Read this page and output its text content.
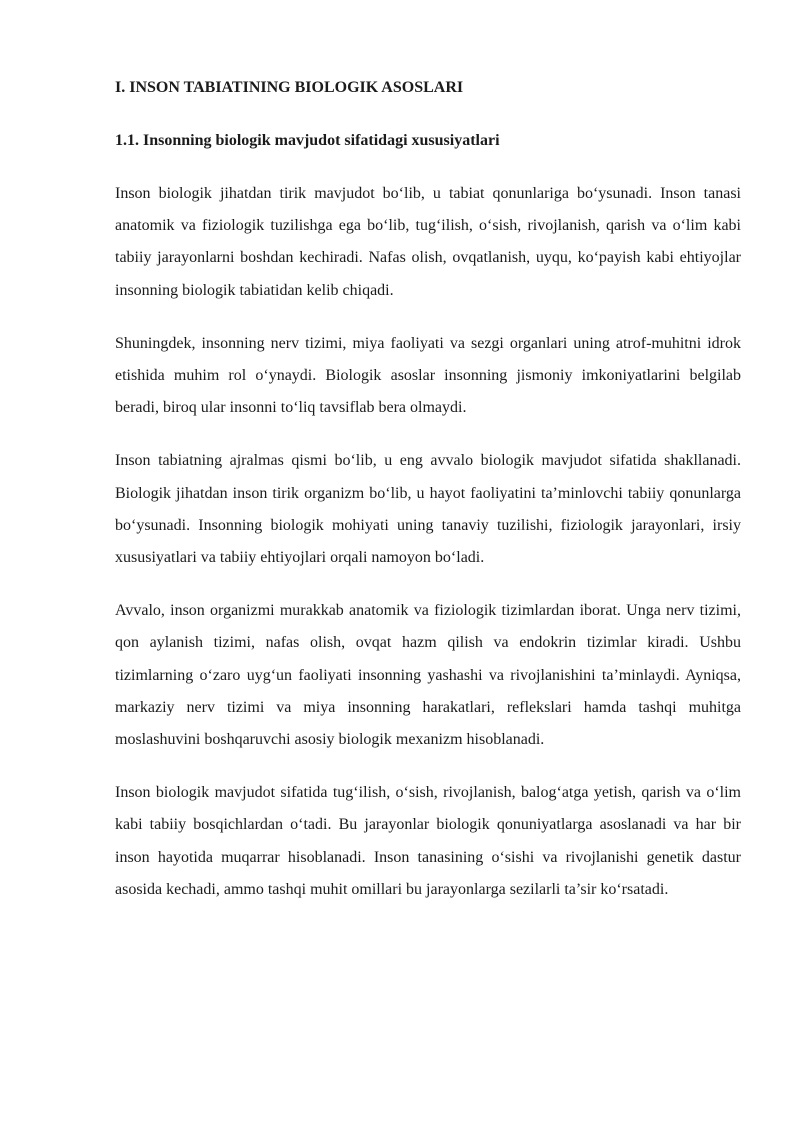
I. INSON TABIATINING BIOLOGIK ASOSLARI
1.1. Insonning biologik mavjudot sifatidagi xususiyatlari

Inson biologik jihatdan tirik mavjudot bo‘lib, u tabiat qonunlariga bo‘ysunadi. Inson tanasi anatomik va fiziologik tuzilishga ega bo‘lib, tug‘ilish, o‘sish, rivojlanish, qarish va o‘lim kabi tabiiy jarayonlarni boshdan kechiradi. Nafas olish, ovqatlanish, uyqu, ko‘payish kabi ehtiyojlar insonning biologik tabiatidan kelib chiqadi.

Shuningdek, insonning nerv tizimi, miya faoliyati va sezgi organlari uning atrof-muhitni idrok etishida muhim rol o‘ynaydi. Biologik asoslar insonning jismoniy imkoniyatlarini belgilab beradi, biroq ular insonni to‘liq tavsiflab bera olmaydi.

Inson tabiatning ajralmas qismi bo‘lib, u eng avvalo biologik mavjudot sifatida shakllanadi. Biologik jihatdan inson tirik organizm bo‘lib, u hayot faoliyatini ta’minlovchi tabiiy qonunlarga bo‘ysunadi. Insonning biologik mohiyati uning tanaviy tuzilishi, fiziologik jarayonlari, irsiy xususiyatlari va tabiiy ehtiyojlari orqali namoyon bo‘ladi.

Avvalo, inson organizmi murakkab anatomik va fiziologik tizimlardan iborat. Unga nerv tizimi, qon aylanish tizimi, nafas olish, ovqat hazm qilish va endokrin tizimlar kiradi. Ushbu tizimlarning o‘zaro uyg‘un faoliyati insonning yashashi va rivojlanishini ta’minlaydi. Ayniqsa, markaziy nerv tizimi va miya insonning harakatlari, reflekslari hamda tashqi muhitga moslashuvini boshqaruvchi asosiy biologik mexanizm hisoblanadi.

Inson biologik mavjudot sifatida tug‘ilish, o‘sish, rivojlanish, balog‘atga yetish, qarish va o‘lim kabi tabiiy bosqichlardan o‘tadi. Bu jarayonlar biologik qonuniyatlarga asoslanadi va har bir inson hayotida muqarrar hisoblanadi. Inson tanasining o‘sishi va rivojlanishi genetik dastur asosida kechadi, ammo tashqi muhit omillari bu jarayonlarga sezilarli ta’sir ko‘rsatadi.
